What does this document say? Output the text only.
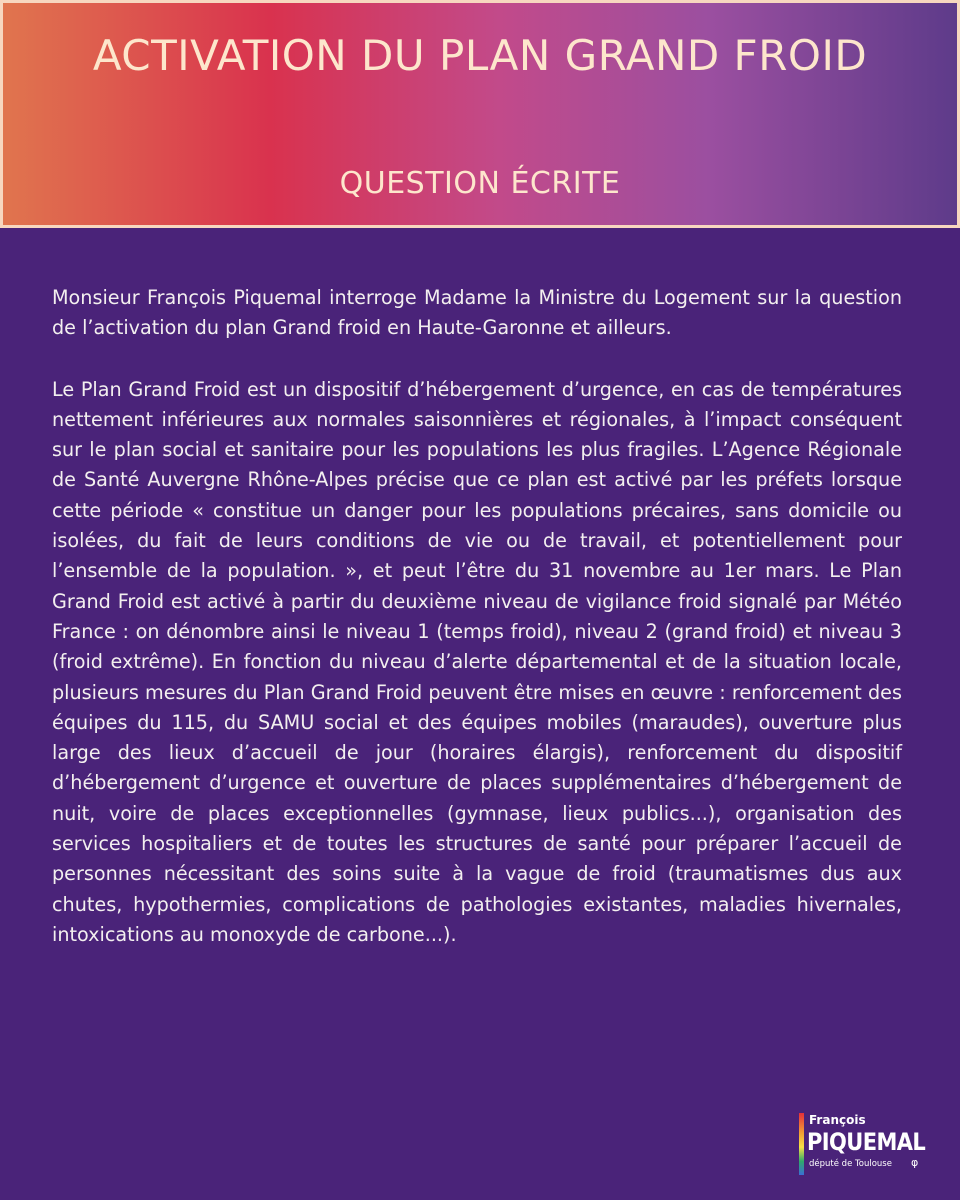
ACTIVATION DU PLAN GRAND FROID
QUESTION ÉCRITE

Monsieur François Piquemal interroge Madame la Ministre du Logement sur la question de l’activation du plan Grand froid en Haute-Garonne et ailleurs.

Le Plan Grand Froid est un dispositif d’hébergement d’urgence, en cas de températures nettement inférieures aux normales saisonnières et régionales, à l’impact conséquent sur le plan social et sanitaire pour les populations les plus fragiles. L’Agence Régionale de Santé Auvergne Rhône-Alpes précise que ce plan est activé par les préfets lorsque cette période « constitue un danger pour les populations précaires, sans domicile ou isolées, du fait de leurs conditions de vie ou de travail, et potentiellement pour l’ensemble de la population. », et peut l’être du 31 novembre au 1er mars. Le Plan Grand Froid est activé à partir du deuxième niveau de vigilance froid signalé par Météo France : on dénombre ainsi le niveau 1 (temps froid), niveau 2 (grand froid) et niveau 3 (froid extrême). En fonction du niveau d’alerte départemental et de la situation locale, plusieurs mesures du Plan Grand Froid peuvent être mises en œuvre : renforcement des équipes du 115, du SAMU social et des équipes mobiles (maraudes), ouverture plus large des lieux d’accueil de jour (horaires élargis), renforcement du dispositif d’hébergement d’urgence et ouverture de places supplémentaires d’hébergement de nuit, voire de places exceptionnelles (gymnase, lieux publics...), organisation des services hospitaliers et de toutes les structures de santé pour préparer l’accueil de personnes nécessitant des soins suite à la vague de froid (traumatismes dus aux chutes, hypothermies, complications de pathologies existantes, maladies hivernales, intoxications au monoxyde de carbone...).

François
PIQUEMAL
député de Toulouse φ
